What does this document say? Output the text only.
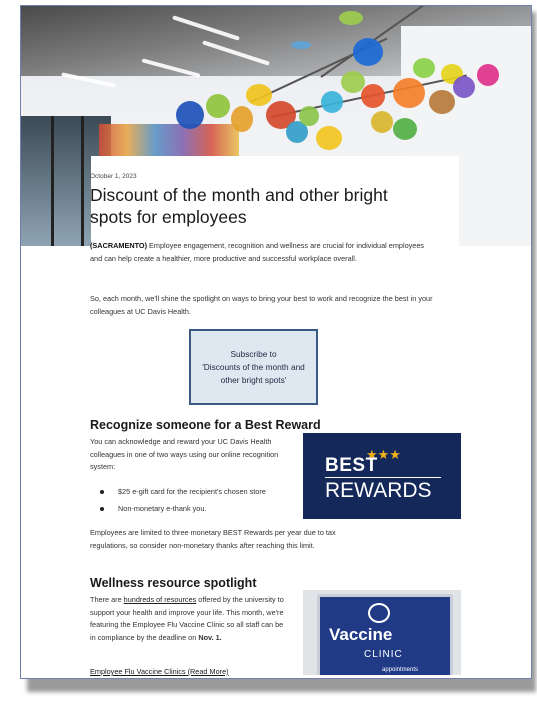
October 1, 2023
Discount of the month and other bright spots for employees
(SACRAMENTO) Employee engagement, recognition and wellness are crucial for individual employees and can help create a healthier, more productive and successful workplace overall.
So, each month, we'll shine the spotlight on ways to bring your best to work and recognize the best in your colleagues at UC Davis Health.
Subscribe to
'Discounts of the month and
other bright spots'
Recognize someone for a Best Reward
You can acknowledge and reward your UC Davis Health colleagues in one of two ways using our online recognition system:
$25 e-gift card for the recipient's chosen store
Non-monetary e-thank you.
Employees are limited to three monetary BEST Rewards per year due to tax regulations, so consider non-monetary thanks after reaching this limit.
★★★
BEST
REWARDS
Wellness resource spotlight
There are hundreds of resources offered by the university to support your health and improve your life. This month, we're featuring the Employee Flu Vaccine Clinic so all staff can be in compliance by the deadline on Nov. 1.
Employee Flu Vaccine Clinics (Read More)
Vaccine
CLINIC
appointments
